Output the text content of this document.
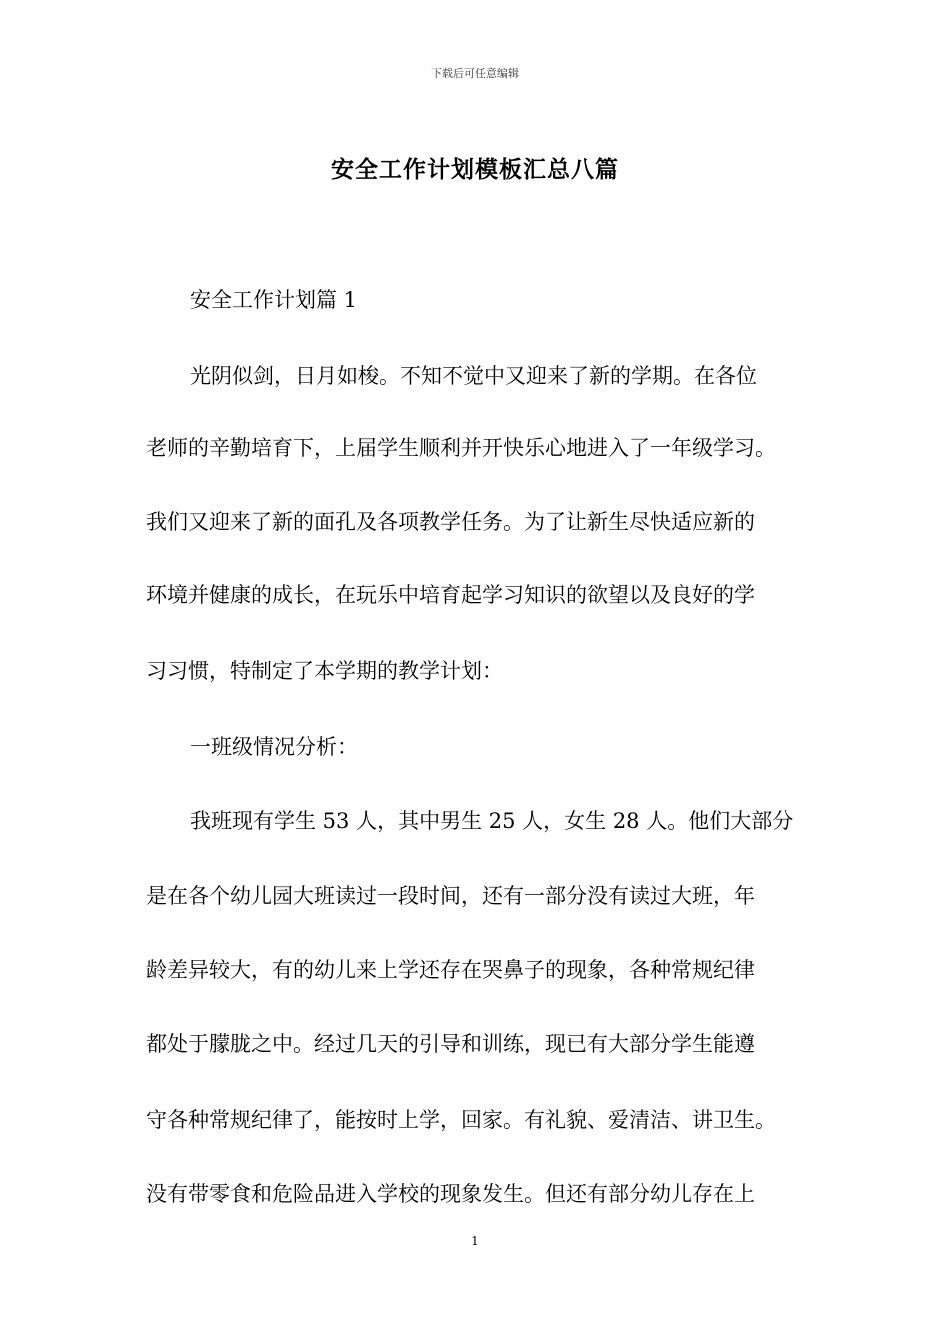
下载后可任意编辑
安全工作计划模板汇总八篇
安全工作计划篇 1
光阴似剑，日月如梭。不知不觉中又迎来了新的学期。在各位
老师的辛勤培育下，上届学生顺利并开快乐心地进入了一年级学习。
我们又迎来了新的面孔及各项教学任务。为了让新生尽快适应新的
环境并健康的成长，在玩乐中培育起学习知识的欲望以及良好的学
习习惯，特制定了本学期的教学计划：
一班级情况分析：
我班现有学生 53 人，其中男生 25 人，女生 28 人。他们大部分
是在各个幼儿园大班读过一段时间，还有一部分没有读过大班，年
龄差异较大，有的幼儿来上学还存在哭鼻子的现象，各种常规纪律
都处于朦胧之中。经过几天的引导和训练，现已有大部分学生能遵
守各种常规纪律了，能按时上学，回家。有礼貌、爱清洁、讲卫生。
没有带零食和危险品进入学校的现象发生。但还有部分幼儿存在上
1
